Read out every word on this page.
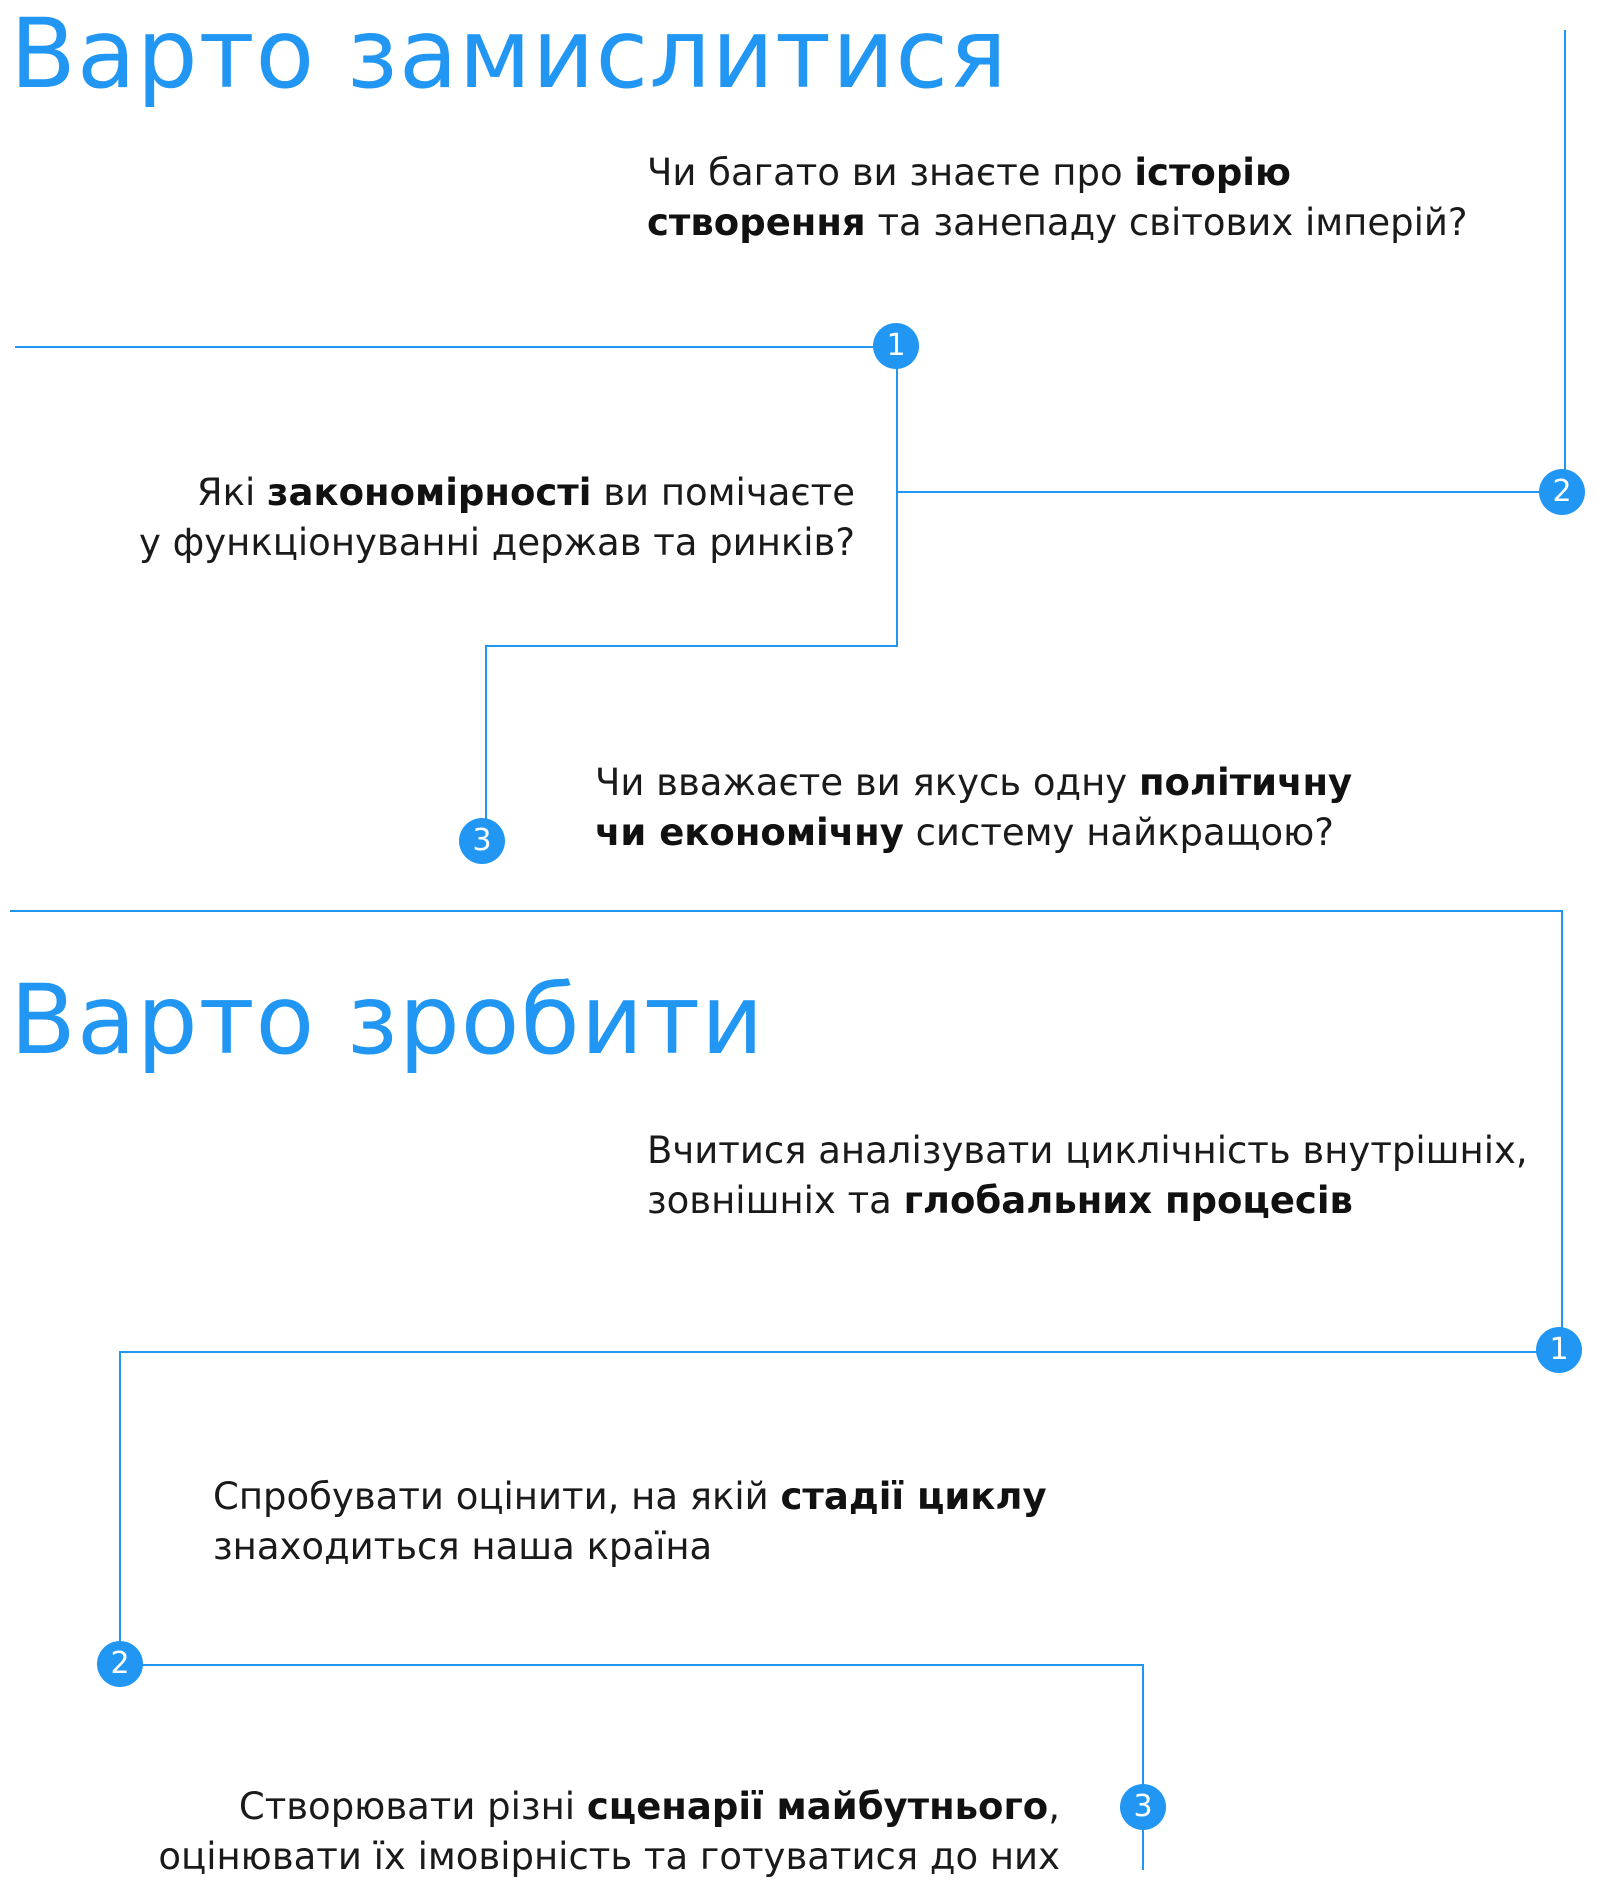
Варто замислитися
1
2
3

Чи багато ви знаєте про історію
створення та занепаду світових імперій?

Які закономірності ви помічаєте
у функціонуванні держав та ринків?

Чи вважаєте ви якусь одну політичну
чи економічну систему найкращою?

Варто зробити
1
2
3

Вчитися аналізувати циклічність внутрішніх,
зовнішніх та глобальних процесів

Спробувати оцінити, на якій стадії циклу
знаходиться наша країна

Створювати різні сценарії майбутнього,
оцінювати їх імовірність та готуватися до них
